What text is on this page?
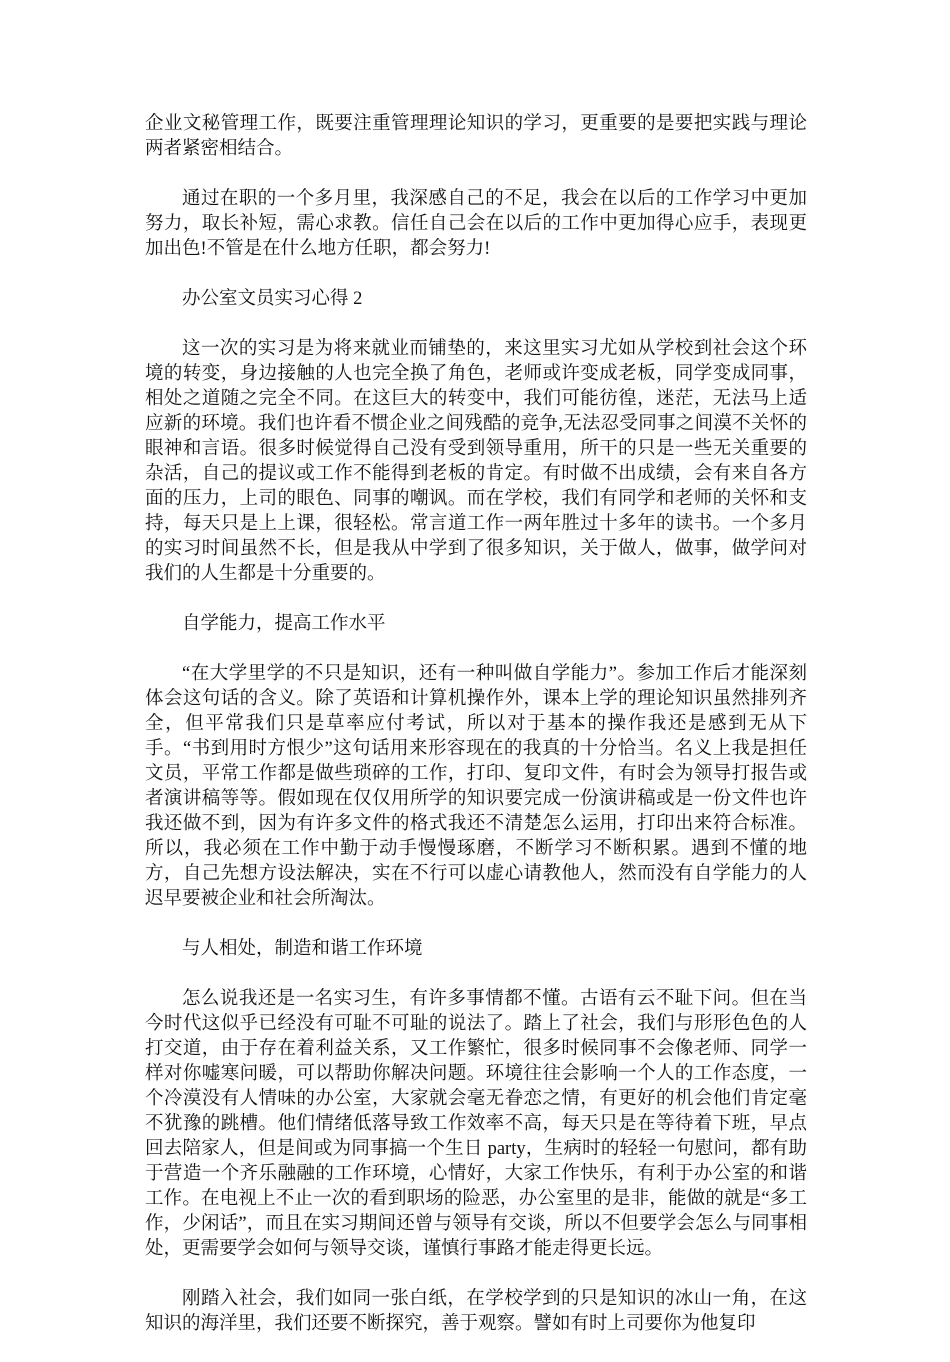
企业文秘管理工作，既要注重管理理论知识的学习，更重要的是要把实践与理论两者紧密相结合。

通过在职的一个多月里，我深感自己的不足，我会在以后的工作学习中更加努力，取长补短，需心求教。信任自己会在以后的工作中更加得心应手，表现更加出色!不管是在什么地方任职，都会努力!

办公室文员实习心得 2

这一次的实习是为将来就业而铺垫的，来这里实习尤如从学校到社会这个环境的转变，身边接触的人也完全换了角色，老师或许变成老板，同学变成同事，相处之道随之完全不同。在这巨大的转变中，我们可能彷徨，迷茫，无法马上适应新的环境。我们也许看不惯企业之间残酷的竞争,无法忍受同事之间漠不关怀的眼神和言语。很多时候觉得自己没有受到领导重用，所干的只是一些无关重要的杂活，自己的提议或工作不能得到老板的肯定。有时做不出成绩，会有来自各方面的压力，上司的眼色、同事的嘲讽。而在学校，我们有同学和老师的关怀和支持，每天只是上上课，很轻松。常言道工作一两年胜过十多年的读书。一个多月的实习时间虽然不长，但是我从中学到了很多知识，关于做人，做事，做学问对我们的人生都是十分重要的。

自学能力，提高工作水平

“在大学里学的不只是知识，还有一种叫做自学能力”。参加工作后才能深刻体会这句话的含义。除了英语和计算机操作外，课本上学的理论知识虽然排列齐全，但平常我们只是草率应付考试，所以对于基本的操作我还是感到无从下手。“书到用时方恨少”这句话用来形容现在的我真的十分恰当。名义上我是担任文员，平常工作都是做些琐碎的工作，打印、复印文件，有时会为领导打报告或者演讲稿等等。假如现在仅仅用所学的知识要完成一份演讲稿或是一份文件也许我还做不到，因为有许多文件的格式我还不清楚怎么运用，打印出来符合标准。所以，我必须在工作中勤于动手慢慢琢磨，不断学习不断积累。遇到不懂的地方，自己先想方设法解决，实在不行可以虚心请教他人，然而没有自学能力的人迟早要被企业和社会所淘汰。

与人相处，制造和谐工作环境

怎么说我还是一名实习生，有许多事情都不懂。古语有云不耻下问。但在当今时代这似乎已经没有可耻不可耻的说法了。踏上了社会，我们与形形色色的人打交道，由于存在着利益关系，又工作繁忙，很多时候同事不会像老师、同学一样对你嘘寒问暖，可以帮助你解决问题。环境往往会影响一个人的工作态度，一个冷漠没有人情味的办公室，大家就会毫无眷恋之情，有更好的机会他们肯定毫不犹豫的跳槽。他们情绪低落导致工作效率不高，每天只是在等待着下班，早点回去陪家人，但是间或为同事搞一个生日 party，生病时的轻轻一句慰问，都有助于营造一个齐乐融融的工作环境，心情好，大家工作快乐，有利于办公室的和谐工作。在电视上不止一次的看到职场的险恶，办公室里的是非，能做的就是“多工作，少闲话”，而且在实习期间还曾与领导有交谈，所以不但要学会怎么与同事相处，更需要学会如何与领导交谈，谨慎行事路才能走得更长远。

刚踏入社会，我们如同一张白纸，在学校学到的只是知识的冰山一角，在这知识的海洋里，我们还要不断探究，善于观察。譬如有时上司要你为他复印
